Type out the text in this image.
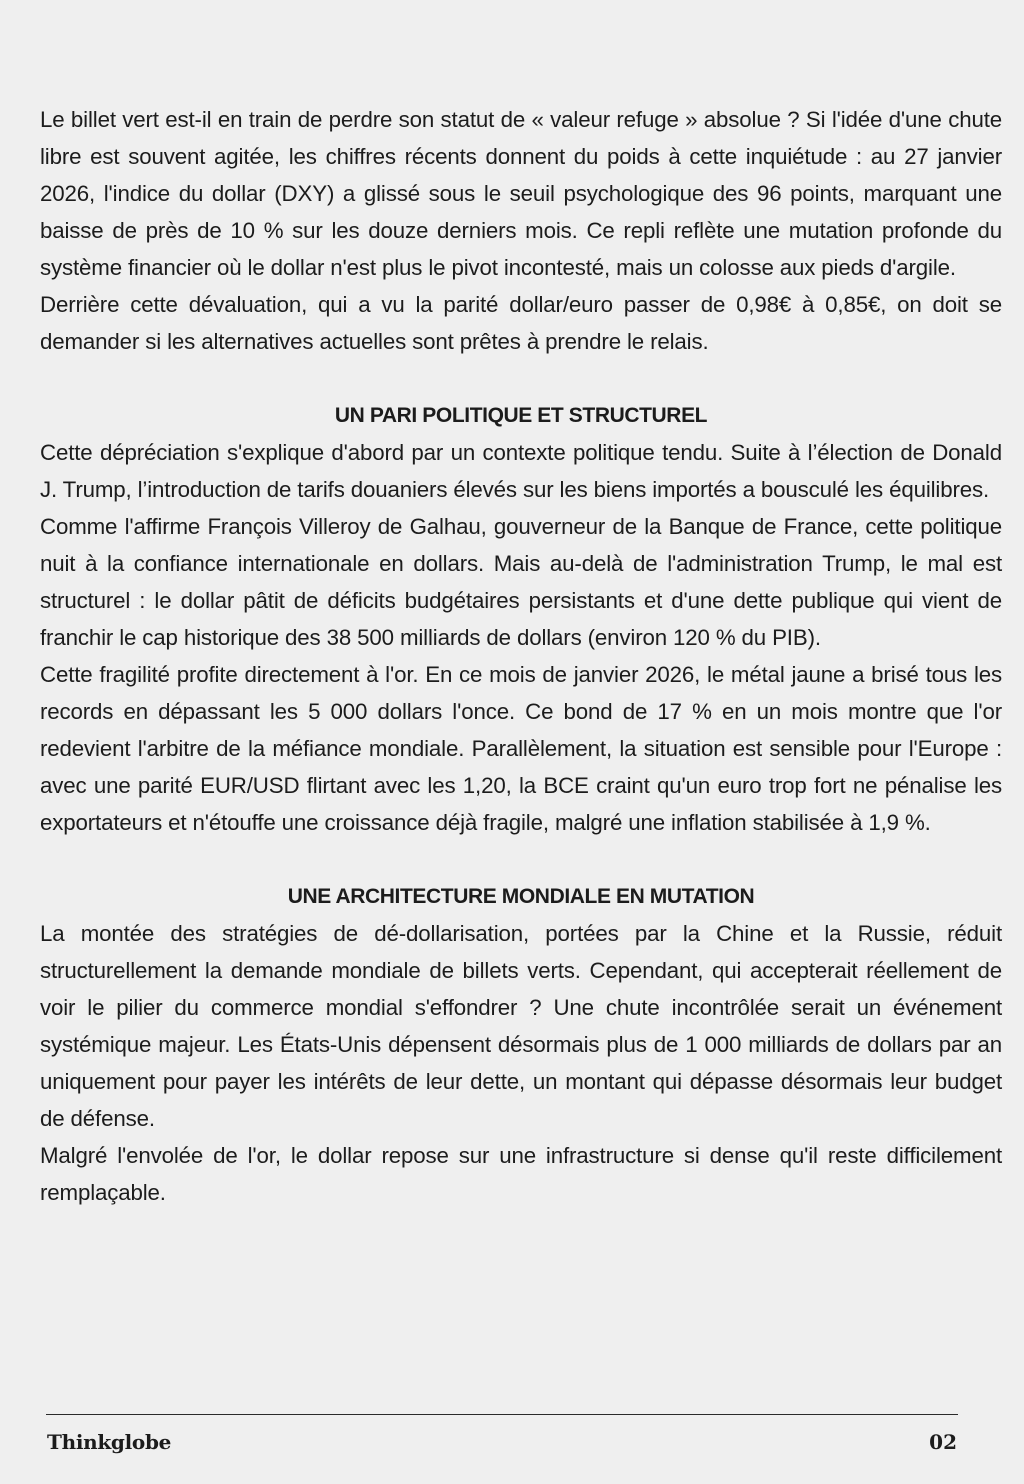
Le billet vert est-il en train de perdre son statut de « valeur refuge » absolue ? Si l'idée d'une chute libre est souvent agitée, les chiffres récents donnent du poids à cette inquiétude : au 27 janvier 2026, l'indice du dollar (DXY) a glissé sous le seuil psychologique des 96 points, marquant une baisse de près de 10 % sur les douze derniers mois. Ce repli reflète une mutation profonde du système financier où le dollar n'est plus le pivot incontesté, mais un colosse aux pieds d'argile.

Derrière cette dévaluation, qui a vu la parité dollar/euro passer de 0,98€ à 0,85€, on doit se demander si les alternatives actuelles sont prêtes à prendre le relais.

UN PARI POLITIQUE ET STRUCTUREL

Cette dépréciation s'explique d'abord par un contexte politique tendu. Suite à l’élection de Donald J. Trump, l’introduction de tarifs douaniers élevés sur les biens importés a bousculé les équilibres.

Comme l'affirme François Villeroy de Galhau, gouverneur de la Banque de France, cette politique nuit à la confiance internationale en dollars. Mais au-delà de l'administration Trump, le mal est structurel : le dollar pâtit de déficits budgétaires persistants et d'une dette publique qui vient de franchir le cap historique des 38 500 milliards de dollars (environ 120 % du PIB).

Cette fragilité profite directement à l'or. En ce mois de janvier 2026, le métal jaune a brisé tous les records en dépassant les 5 000 dollars l'once. Ce bond de 17 % en un mois montre que l'or redevient l'arbitre de la méfiance mondiale. Parallèlement, la situation est sensible pour l'Europe : avec une parité EUR/USD flirtant avec les 1,20, la BCE craint qu'un euro trop fort ne pénalise les exportateurs et n'étouffe une croissance déjà fragile, malgré une inflation stabilisée à 1,9 %.

UNE ARCHITECTURE MONDIALE EN MUTATION

La montée des stratégies de dé-dollarisation, portées par la Chine et la Russie, réduit structurellement la demande mondiale de billets verts. Cependant, qui accepterait réellement de voir le pilier du commerce mondial s'effondrer ? Une chute incontrôlée serait un événement systémique majeur. Les États-Unis dépensent désormais plus de 1 000 milliards de dollars par an uniquement pour payer les intérêts de leur dette, un montant qui dépasse désormais leur budget de défense.

Malgré l'envolée de l'or, le dollar repose sur une infrastructure si dense qu'il reste difficilement remplaçable.

Thinkglobe	02
